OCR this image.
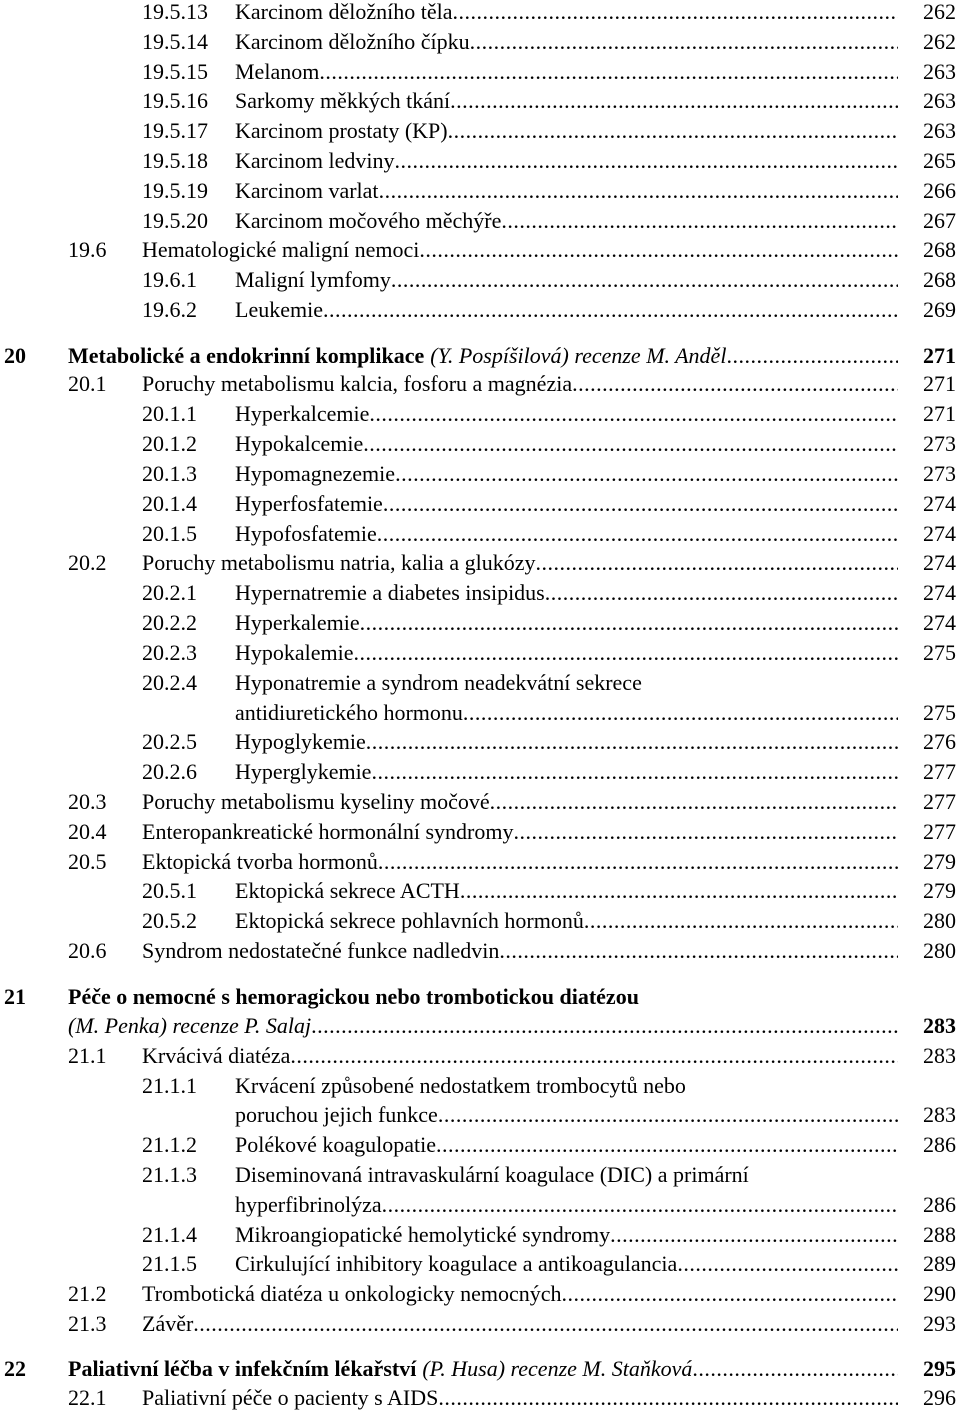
19.5.13 Karcinom děložního těla .....	262
19.5.14 Karcinom děložního čípku .....	262
19.5.15 Melanom .....	263
19.5.16 Sarkomy měkkých tkání .....	263
19.5.17 Karcinom prostaty (KP) .....	263
19.5.18 Karcinom ledviny .....	265
19.5.19 Karcinom varlat .....	266
19.5.20 Karcinom močového měchýře .....	267
19.6 Hematologické maligní nemoci .....	268
19.6.1 Maligní lymfomy .....	268
19.6.2 Leukemie .....	269
20 Metabolické a endokrinní komplikace (Y. Pospíšilová) recenze M. Anděl .....	271
20.1 Poruchy metabolismu kalcia, fosforu a magnézia .....	271
20.1.1 Hyperkalcemie .....	271
20.1.2 Hypokalcemie .....	273
20.1.3 Hypomagnezemie .....	273
20.1.4 Hyperfosfatemie .....	274
20.1.5 Hypofosfatemie .....	274
20.2 Poruchy metabolismu natria, kalia a glukózy .....	274
20.2.1 Hypernatremie a diabetes insipidus .....	274
20.2.2 Hyperkalemie .....	274
20.2.3 Hypokalemie .....	275
20.2.4 Hyponatremie a syndrom neadekvátní sekrece
antidiuretického hormonu .....	275
20.2.5 Hypoglykemie .....	276
20.2.6 Hyperglykemie .....	277
20.3 Poruchy metabolismu kyseliny močové .....	277
20.4 Enteropankreatické hormonální syndromy .....	277
20.5 Ektopická tvorba hormonů .....	279
20.5.1 Ektopická sekrece ACTH .....	279
20.5.2 Ektopická sekrece pohlavních hormonů .....	280
20.6 Syndrom nedostatečné funkce nadledvin .....	280
21 Péče o nemocné s hemoragickou nebo trombotickou diatézou
(M. Penka) recenze P. Salaj .....	283
21.1 Krvácivá diatéza .....	283
21.1.1 Krvácení způsobené nedostatkem trombocytů nebo
poruchou jejich funkce .....	283
21.1.2 Polékové koagulopatie .....	286
21.1.3 Diseminovaná intravaskulární koagulace (DIC) a primární
hyperfibrinolýza .....	286
21.1.4 Mikroangiopatické hemolytické syndromy .....	288
21.1.5 Cirkulující inhibitory koagulace a antikoagulancia .....	289
21.2 Trombotická diatéza u onkologicky nemocných .....	290
21.3 Závěr .....	293
22 Paliativní léčba v infekčním lékařství (P. Husa) recenze M. Staňková .....	295
22.1 Paliativní péče o pacienty s AIDS .....	296
